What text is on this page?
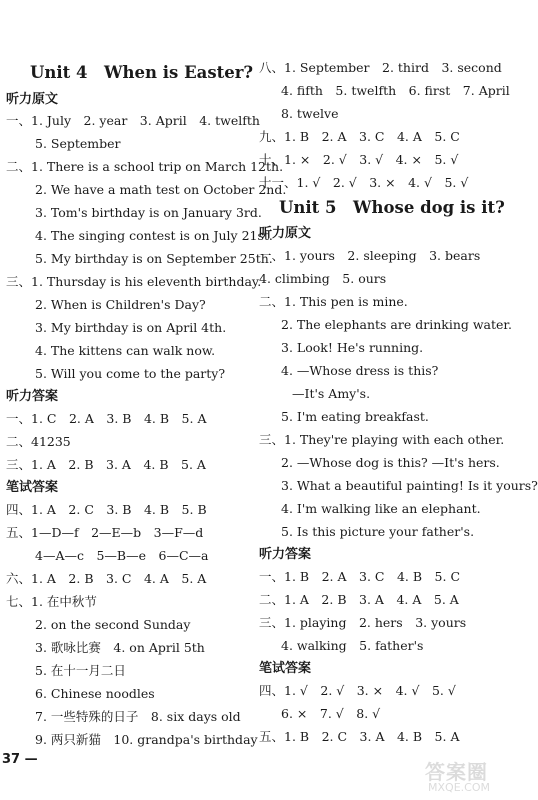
Unit 4　When is Easter?
听力原文
一、1. July　2. year　3. April　4. twelfth
5. September
二、1. There is a school trip on March 12th.
2. We have a math test on October 2nd.
3. Tom's birthday is on January 3rd.
4. The singing contest is on July 21st.
5. My birthday is on September 25th.
三、1. Thursday is his eleventh birthday.
2. When is Children's Day?
3. My birthday is on April 4th.
4. The kittens can walk now.
5. Will you come to the party?
听力答案
一、1. C　2. A　3. B　4. B　5. A
二、41235
三、1. A　2. B　3. A　4. B　5. A
笔试答案
四、1. A　2. C　3. B　4. B　5. B
五、1—D—f　2—E—b　3—F—d
4—A—c　5—B—e　6—C—a
六、1. A　2. B　3. C　4. A　5. A
七、1. 在中秋节
2. on the second Sunday
3. 歌咏比赛　4. on April 5th
5. 在十一月二日
6. Chinese noodles
7. 一些特殊的日子　8. six days old
9. 两只新猫　10. grandpa's birthday
八、1. September　2. third　3. second
4. fifth　5. twelfth　6. first　7. April
8. twelve
九、1. B　2. A　3. C　4. A　5. C
十、1. ×　2. √　3. √　4. ×　5. √
十一、1. √　2. √　3. ×　4. √　5. √
Unit 5　Whose dog is it?
听力原文
一、1. yours　2. sleeping　3. bears
4. climbing　5. ours
二、1. This pen is mine.
2. The elephants are drinking water.
3. Look! He's running.
4. —Whose dress is this?
—It's Amy's.
5. I'm eating breakfast.
三、1. They're playing with each other.
2. —Whose dog is this? —It's hers.
3. What a beautiful painting! Is it yours?
4. I'm walking like an elephant.
5. Is this picture your father's.
听力答案
一、1. B　2. A　3. C　4. B　5. C
二、1. A　2. B　3. A　4. A　5. A
三、1. playing　2. hers　3. yours
4. walking　5. father's
笔试答案
四、1. √　2. √　3. ×　4. √　5. √
6. ×　7. √　8. √
五、1. B　2. C　3. A　4. B　5. A
37 —
答案圈
MXQE.COM
